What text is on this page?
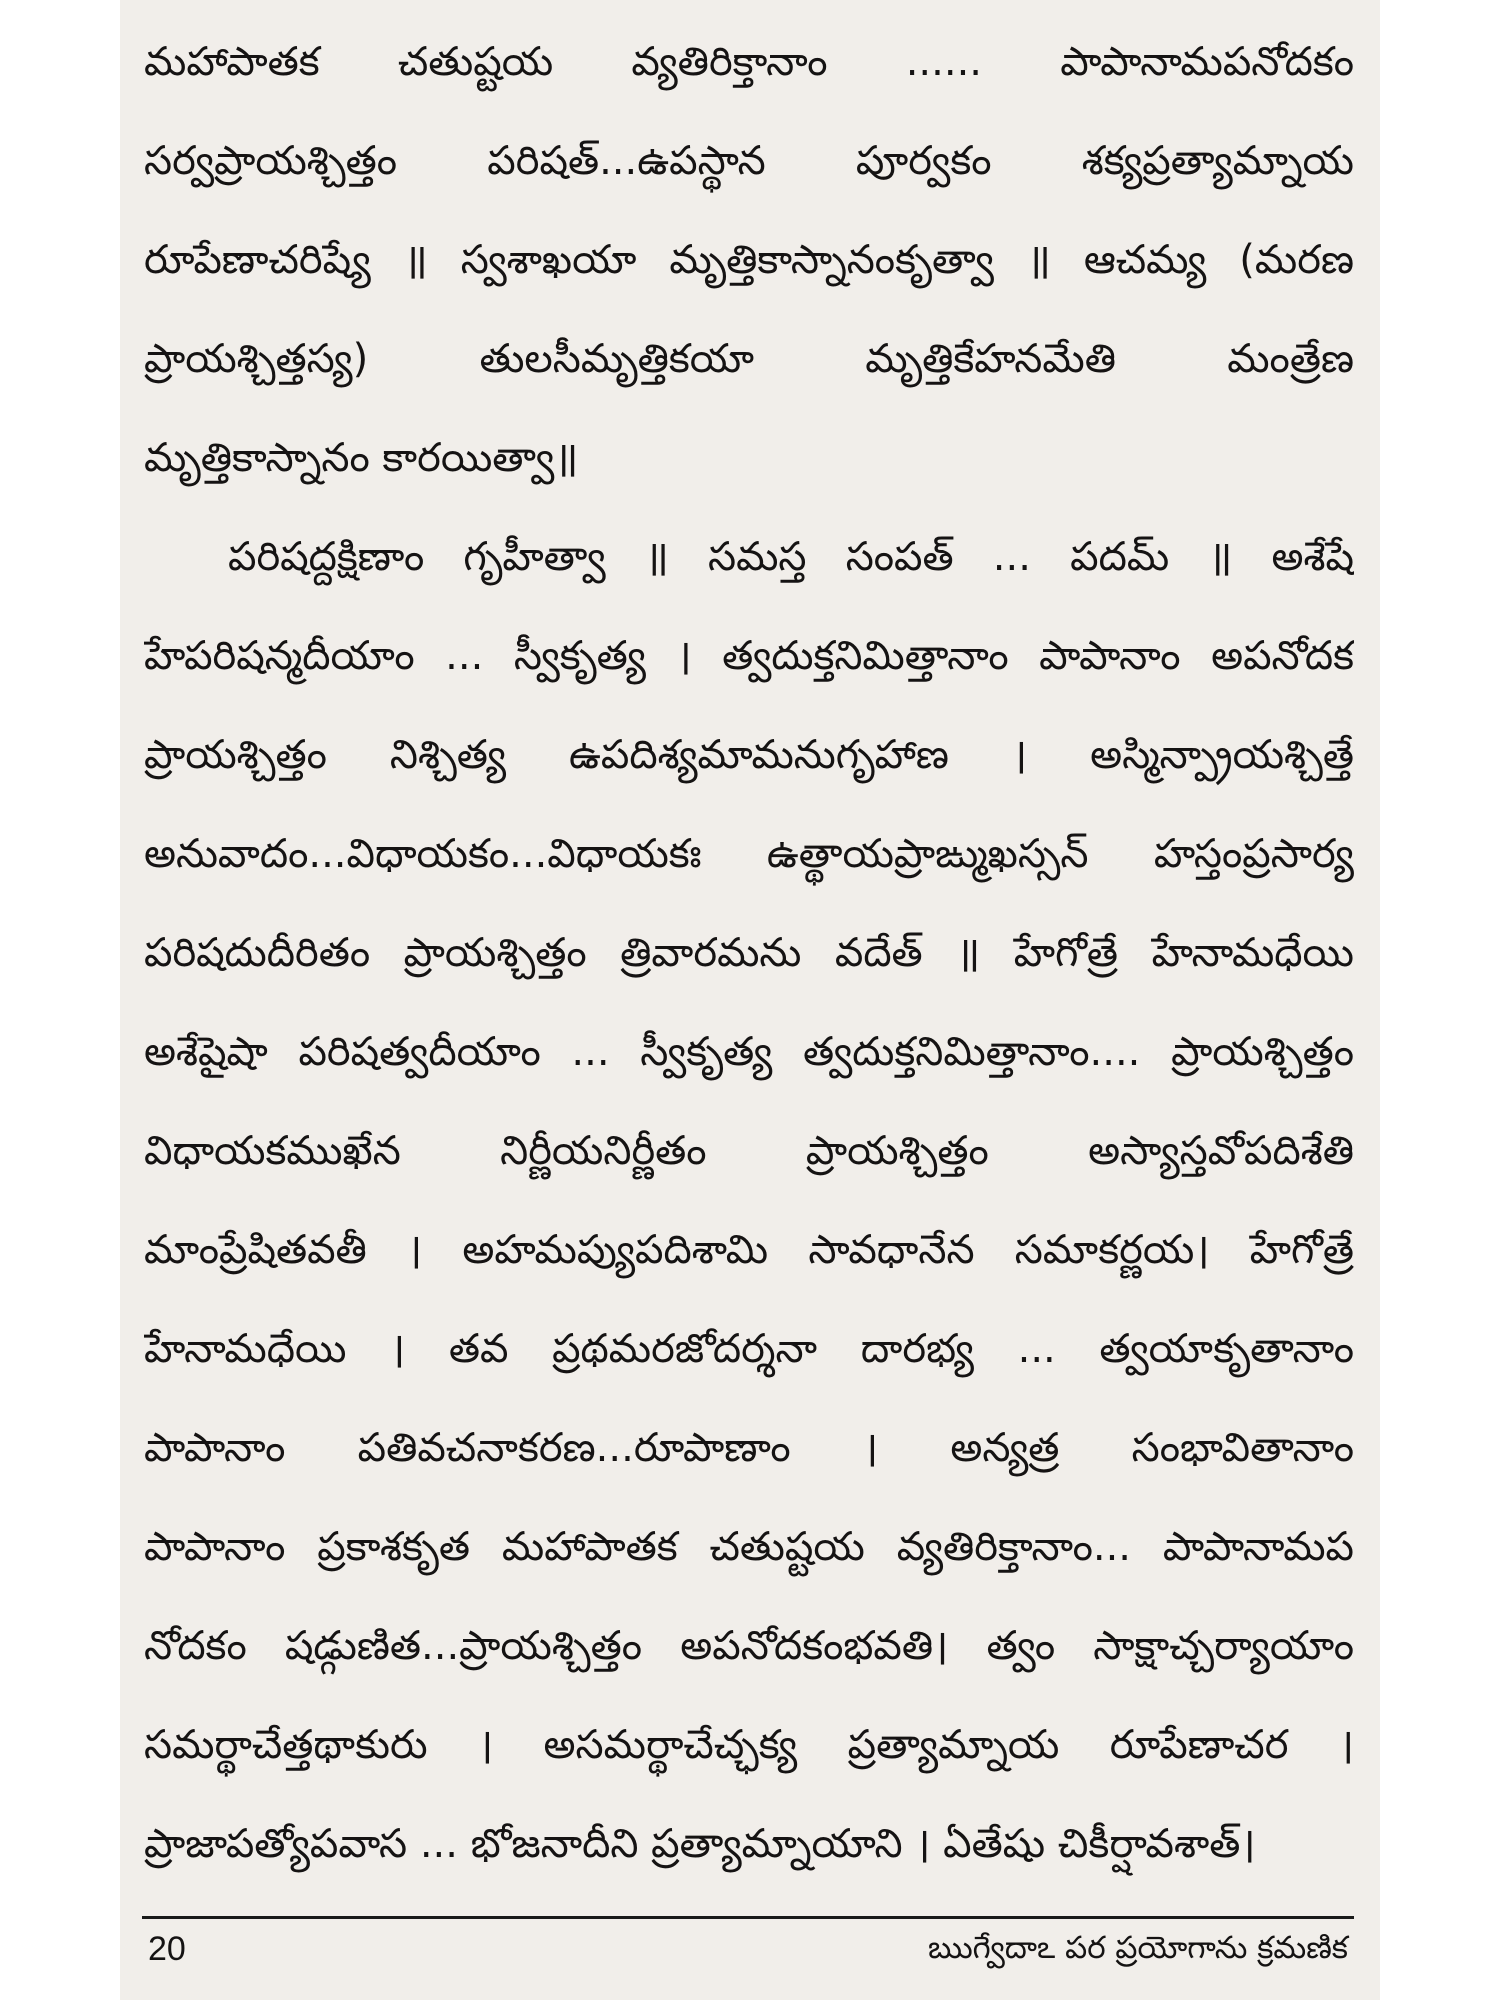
మహాపాతక చతుష్టయ వ్యతిరిక్తానాం ...... పాపానామపనోదకం
సర్వప్రాయశ్చిత్తం పరిషత్...ఉపస్థాన పూర్వకం శక్యప్రత్యామ్నాయ
రూపేణాచరిష్యే ॥ స్వశాఖయా మృత్తికాస్నానంకృత్వా ॥ ఆచమ్య (మరణ
ప్రాయశ్చిత్తస్య) తులసీమృత్తికయా మృత్తికేహనమేతి మంత్రేణ
మృత్తికాస్నానం కారయిత్వా॥
పరిషద్దక్షిణాం గృహీత్వా ॥ సమస్త సంపత్ ... పదమ్ ॥ అశేషే
హేపరిషన్మదీయాం ... స్వీకృత్య । త్వదుక్తనిమిత్తానాం పాపానాం అపనోదక
ప్రాయశ్చిత్తం నిశ్చిత్య ఉపదిశ్యమామనుగృహాణ । అస్మిన్ప్రాయశ్చిత్తే
అనువాదం...విధాయకం...విధాయకః ఉత్థాయప్రాఙ్ముఖస్సన్ హస్తంప్రసార్య
పరిషదుదీరితం ప్రాయశ్చిత్తం త్రివారమను వదేత్ ॥ హేగోత్రే హేనామధేయి
అశేషైషా పరిషత్వదీయాం ... స్వీకృత్య త్వదుక్తనిమిత్తానాం.... ప్రాయశ్చిత్తం
విధాయకముఖేన నిర్ణీయనిర్ణీతం ప్రాయశ్చిత్తం అస్యాస్తవోపదిశేతి
మాంప్రేషితవతీ । అహమప్యుపదిశామి సావధానేన సమాకర్ణయ। హేగోత్రే
హేనామధేయి । తవ ప్రథమరజోదర్శనా దారభ్య ... త్వయాకృతానాం
పాపానాం పతివచనాకరణ...రూపాణాం । అన్యత్ర సంభావితానాం
పాపానాం ప్రకాశకృత మహాపాతక చతుష్టయ వ్యతిరిక్తానాం... పాపానామప
నోదకం షడ్గుణిత...ప్రాయశ్చిత్తం అపనోదకంభవతి। త్వం సాక్షాచ్చర్యాయాం
సమర్థాచేత్తథాకురు । అసమర్థాచేచ్ఛక్య ప్రత్యామ్నాయ రూపేణాచర ।
ప్రాజాపత్యోపవాస ... భోజనాదీని ప్రత్యామ్నాయాని । ఏతేషు చికీర్షావశాత్।
20	ఋగ్వేదాఽ పర ప్రయోగాను క్రమణిక
